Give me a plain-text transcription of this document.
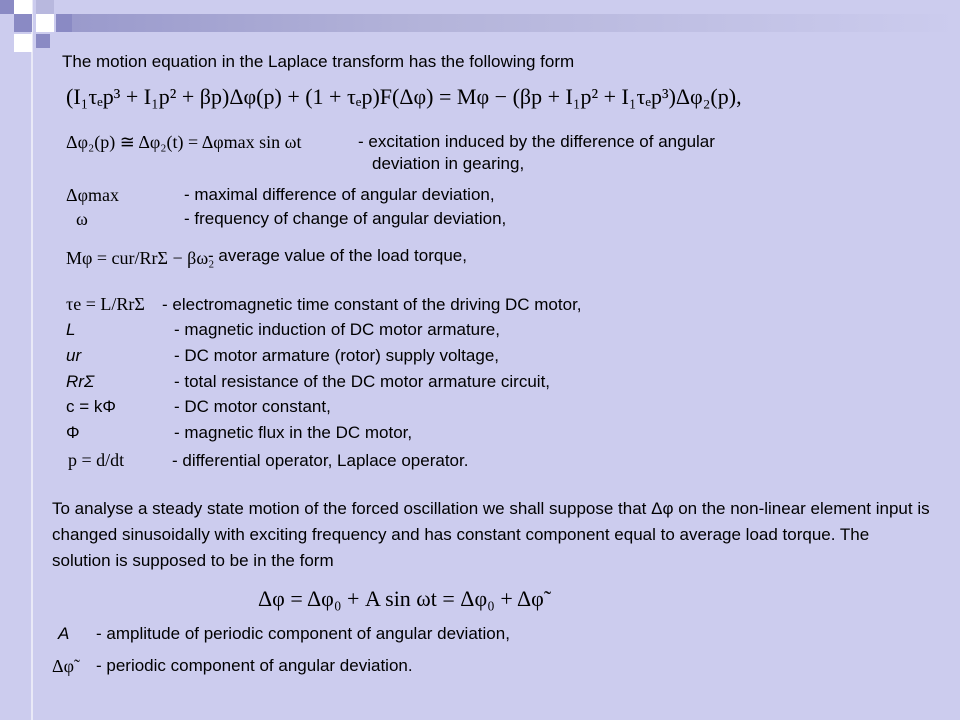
The motion equation in the Laplace transform has the following form
(I₁τₑp³ + I₁p² + βp)Δφ(p) + (1 + τₑp)F(Δφ) = Mφ − (βp + I₁p² + I₁τₑp³)Δφ₂(p),
Δφ₂(p) ≅ Δφ₂(t) = Δφmax sin ωt	- excitation induced by the difference of angular
deviation in gearing,
Δφmax	- maximal difference of angular deviation,
ω	- frequency of change of angular deviation,
Mφ = cur/RrΣ − βω₂
- average value of the load torque,
τe = L/RrΣ - electromagnetic time constant of the driving DC motor,
L	- magnetic induction of DC motor armature,
ur	- DC motor armature (rotor) supply voltage,
RrΣ	- total resistance of the DC motor armature circuit,
c = kΦ	- DC motor constant,
Φ	- magnetic flux in the DC motor,
p = d/dt	- differential operator, Laplace operator.
To analyse a steady state motion of the forced oscillation we shall suppose that Δφ on the non-linear element input is changed sinusoidally with exciting frequency and has constant component equal to average load torque. The solution is supposed to be in the form
Δφ = Δφ₀ + A sin ωt = Δφ₀ + Δφ̃
A - amplitude of periodic component of angular deviation,
Δφ̃ - periodic component of angular deviation.
